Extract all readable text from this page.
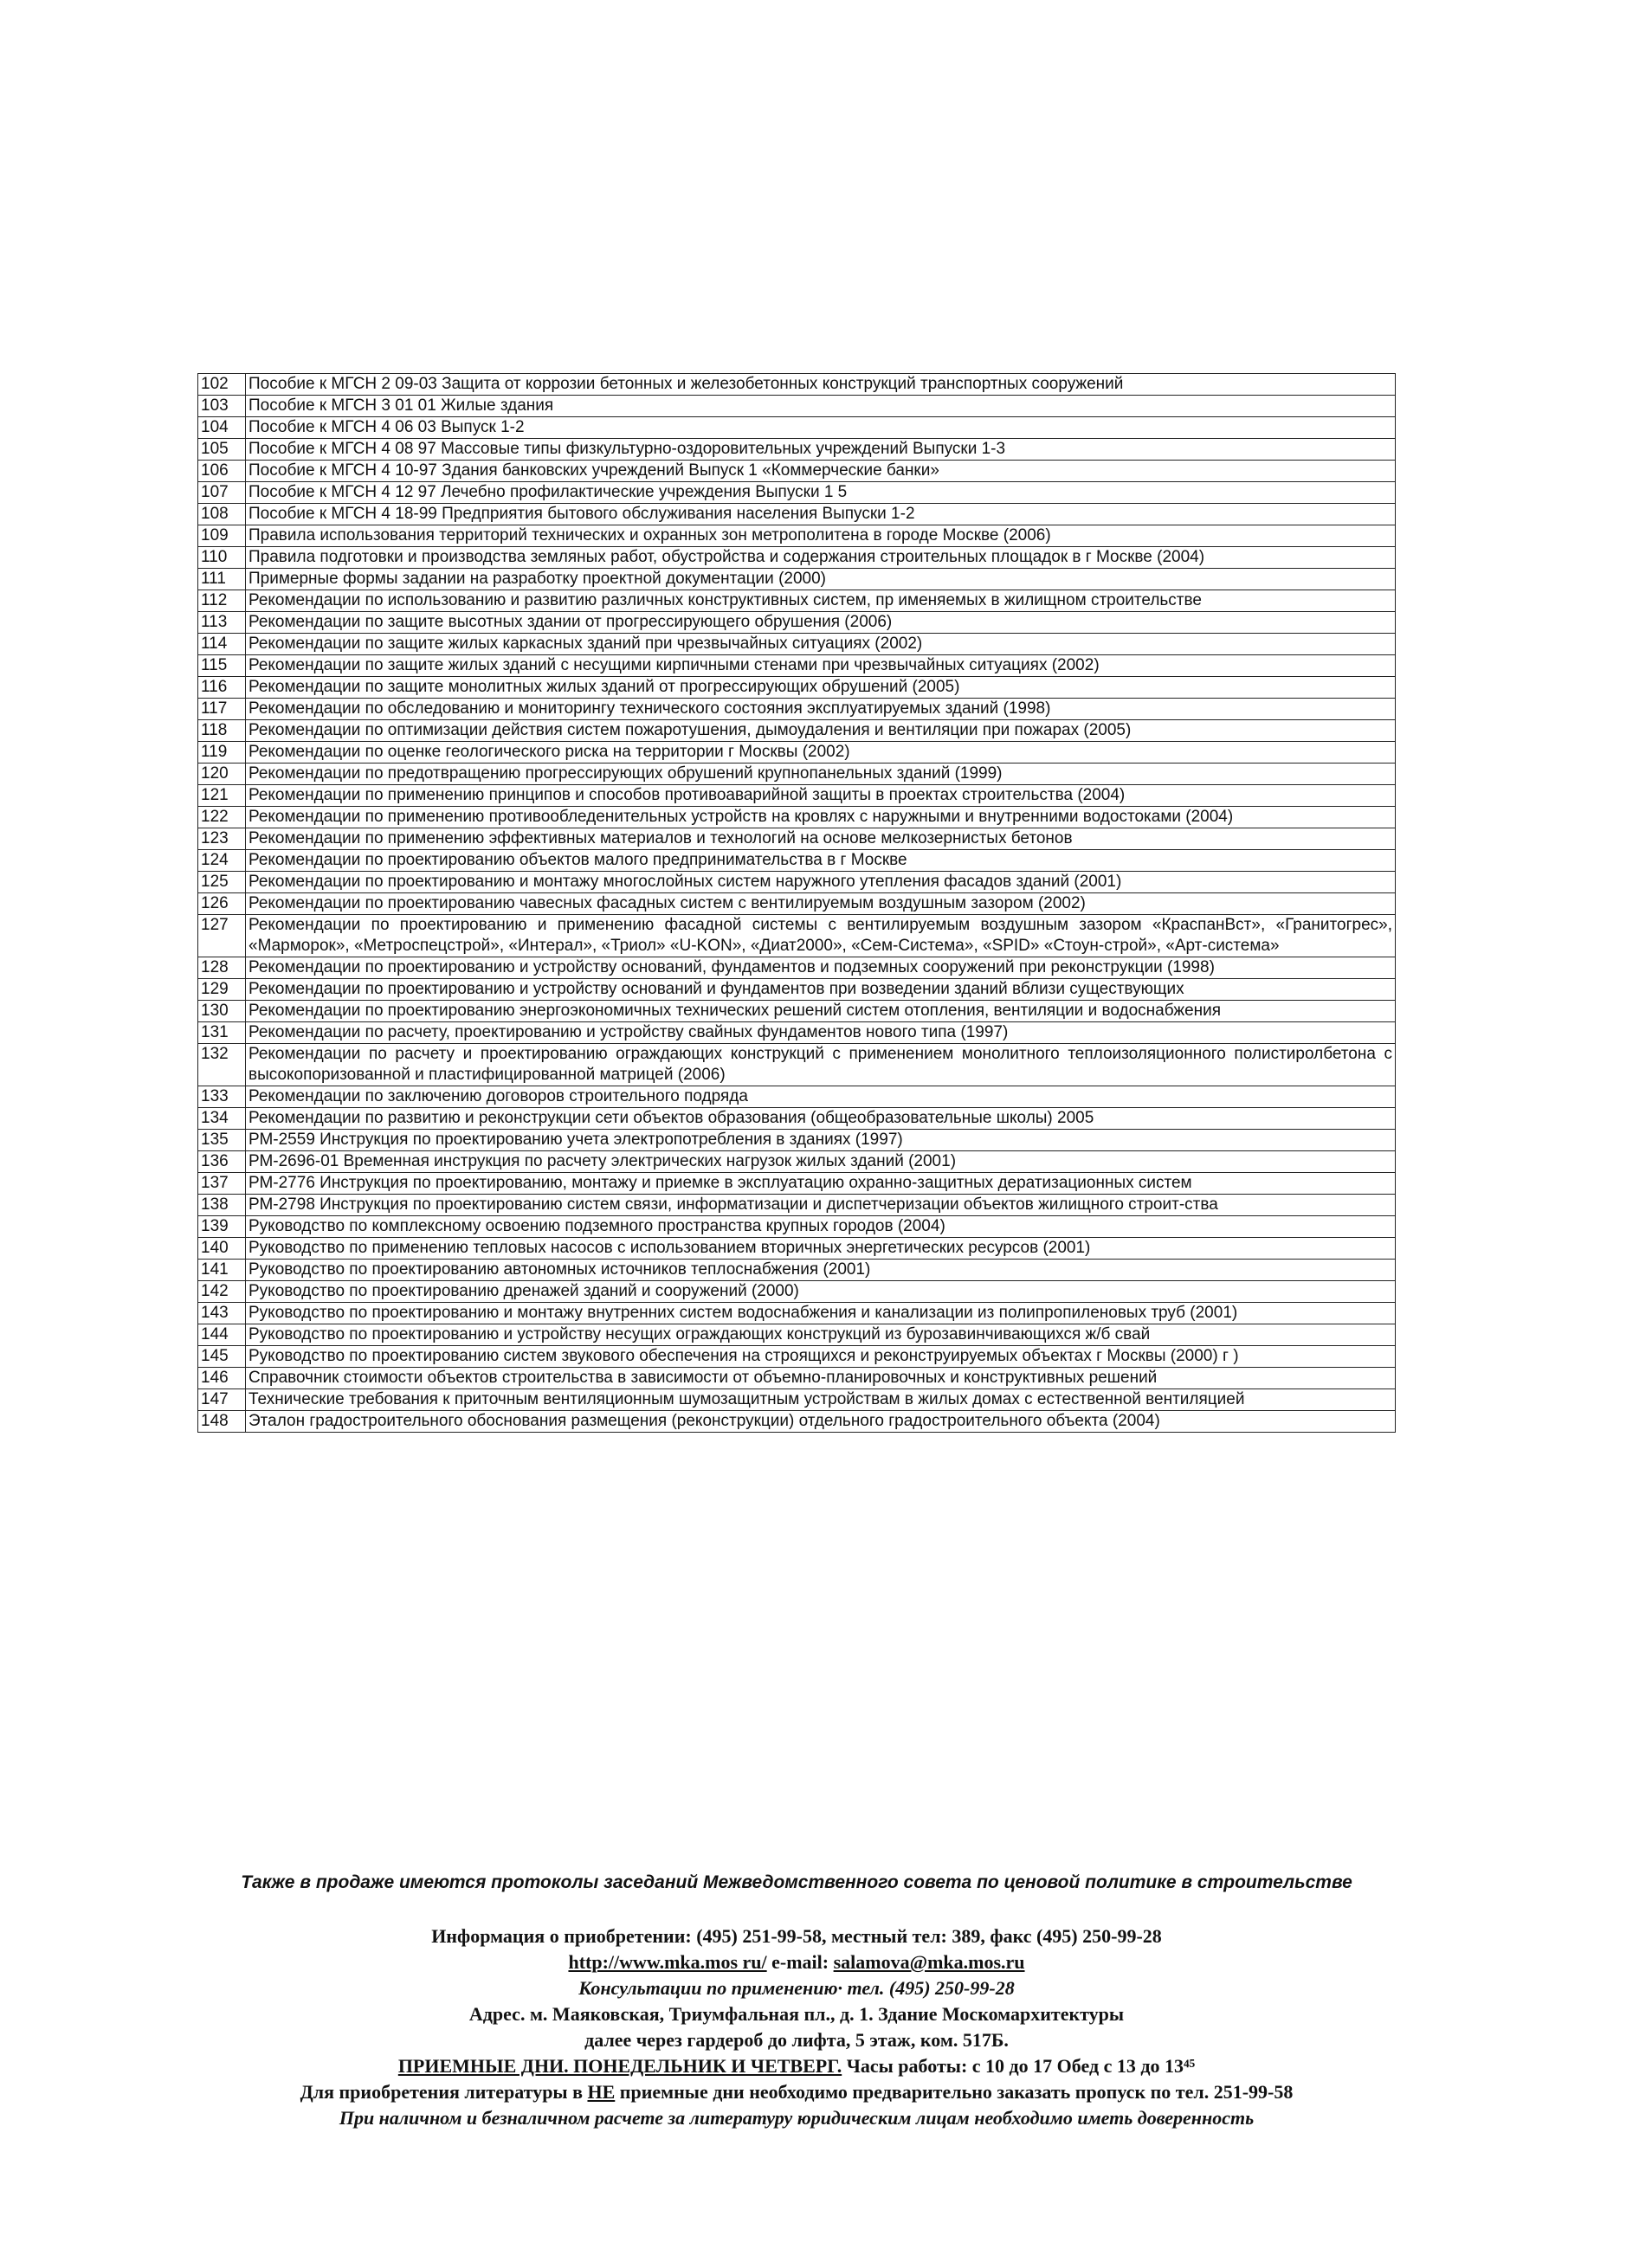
102	Пособие к МГСН 2 09-03 Защита от коррозии бетонных и железобетонных конструкций транспортных сооружений
103	Пособие к МГСН 3 01 01 Жилые здания
104	Пособие к МГСН 4 06 03 Выпуск 1-2
105	Пособие к МГСН 4 08 97 Массовые типы физкультурно-оздоровительных учреждений Выпуски 1-3
106	Пособие к МГСН 4 10-97 Здания банковских учреждений Выпуск 1 «Коммерческие банки»
107	Пособие к МГСН 4 12 97 Лечебно профилактические учреждения Выпуски 1 5
108	Пособие к МГСН 4 18-99 Предприятия бытового обслуживания населения Выпуски 1-2
109	Правила использования территорий технических и охранных зон метрополитена в городе Москве (2006)
110	Правила подготовки и производства земляных работ, обустройства и содержания строительных площадок в г Москве (2004)
111	Примерные формы задании на разработку проектной документации (2000)
112	Рекомендации по использованию и развитию различных конструктивных систем, пр именяемых в жилищном строительстве
113	Рекомендации по защите высотных здании от прогрессирующего обрушения (2006)
114	Рекомендации по защите жилых каркасных зданий при чрезвычайных ситуациях (2002)
115	Рекомендации по защите жилых зданий с несущими кирпичными стенами при чрезвычайных ситуациях (2002)
116	Рекомендации по защите монолитных жилых зданий от прогрессирующих обрушений (2005)
117	Рекомендации по обследованию и мониторингу технического состояния эксплуатируемых зданий (1998)
118	Рекомендации по оптимизации действия систем пожаротушения, дымоудаления и вентиляции при пожарах (2005)
119	Рекомендации по оценке геологического риска на территории г Москвы (2002)
120	Рекомендации по предотвращению прогрессирующих обрушений крупнопанельных зданий (1999)
121	Рекомендации по применению принципов и способов противоаварийной защиты в проектах строительства (2004)
122	Рекомендации по применению противообледенительных устройств на кровлях с наружными и внутренними водостоками (2004)
123	Рекомендации по применению эффективных материалов и технологий на основе мелкозернистых бетонов
124	Рекомендации по проектированию объектов малого предпринимательства в г Москве
125	Рекомендации по проектированию и монтажу многослойных систем наружного утепления фасадов зданий (2001)
126	Рекомендации по проектированию чавесных фасадных систем с вентилируемым воздушным зазором (2002)
127	Рекомендации по проектированию и применению фасадной системы с вентилируемым воздушным зазором «КраспанВст», «Гранитогрес», «Марморок», «Метроспецстрой», «Интерал», «Триол» «U-KON», «Диат2000», «Сем-Система», «SPID» «Стоун-строй», «Арт-система»
128	Рекомендации по проектированию и устройству оснований, фундаментов и подземных сооружений при реконструкции (1998)
129	Рекомендации по проектированию и устройству оснований и фундаментов при возведении зданий вблизи существующих
130	Рекомендации по проектированию энергоэкономичных технических решений систем отопления, вентиляции и водоснабжения
131	Рекомендации по расчету, проектированию и устройству свайных фундаментов нового типа (1997)
132	Рекомендации по расчету и проектированию ограждающих конструкций с применением монолитного теплоизоляционного полистиролбетона с высокопоризованной и пластифицированной матрицей (2006)
133	Рекомендации по заключению договоров строительного подряда
134	Рекомендации по развитию и реконструкции сети объектов образования (общеобразовательные школы) 2005
135	РМ-2559 Инструкция по проектированию учета электропотребления в зданиях (1997)
136	РМ-2696-01 Временная инструкция по расчету электрических нагрузок жилых зданий (2001)
137	РМ-2776 Инструкция по проектированию, монтажу и приемке в эксплуатацию охранно-защитных дератизационных систем
138	РМ-2798 Инструкция по проектированию систем связи, информатизации и диспетчеризации объектов жилищного строит-ства
139	Руководство по комплексному освоению подземного пространства крупных городов (2004)
140	Руководство по применению тепловых насосов с использованием вторичных энергетических ресурсов (2001)
141	Руководство по проектированию автономных источников теплоснабжения (2001)
142	Руководство по проектированию дренажей зданий и сооружений (2000)
143	Руководство по проектированию и монтажу внутренних систем водоснабжения и канализации из полипропиленовых труб (2001)
144	Руководство по проектированию и устройству несущих ограждающих конструкций из бурозавинчивающихся ж/б свай
145	Руководство по проектированию систем звукового обеспечения на строящихся и реконструируемых объектах г Москвы (2000) г )
146	Справочник стоимости объектов строительства в зависимости от объемно-планировочных и конструктивных решений
147	Технические требования к приточным вентиляционным шумозащитным устройствам в жилых домах с естественной вентиляцией
148	Эталон градостроительного обоснования размещения (реконструкции) отдельного градостроительного объекта (2004)
Также в продаже имеются протоколы заседаний Межведомственного совета по ценовой политике в строительстве
Информация о приобретении: (495) 251-99-58, местный тел: 389, факс (495) 250-99-28
http://www.mka.mos ru/ e-mail: salamova@mka.mos.ru
Консультации по применению· тел. (495) 250-99-28
Адрес. м. Маяковская, Триумфальная пл., д. 1. Здание Москомархитектуры
далее через гардероб до лифта, 5 этаж, ком. 517Б.
ПРИЕМНЫЕ ДНИ. ПОНЕДЕЛЬНИК И ЧЕТВЕРГ. Часы работы: с 10 до 17 Обед с 13 до 13⁴⁵
Для приобретения литературы в НЕ приемные дни необходимо предварительно заказать пропуск по тел. 251-99-58
При наличном и безналичном расчете за литературу юридическим лицам необходимо иметь доверенность
